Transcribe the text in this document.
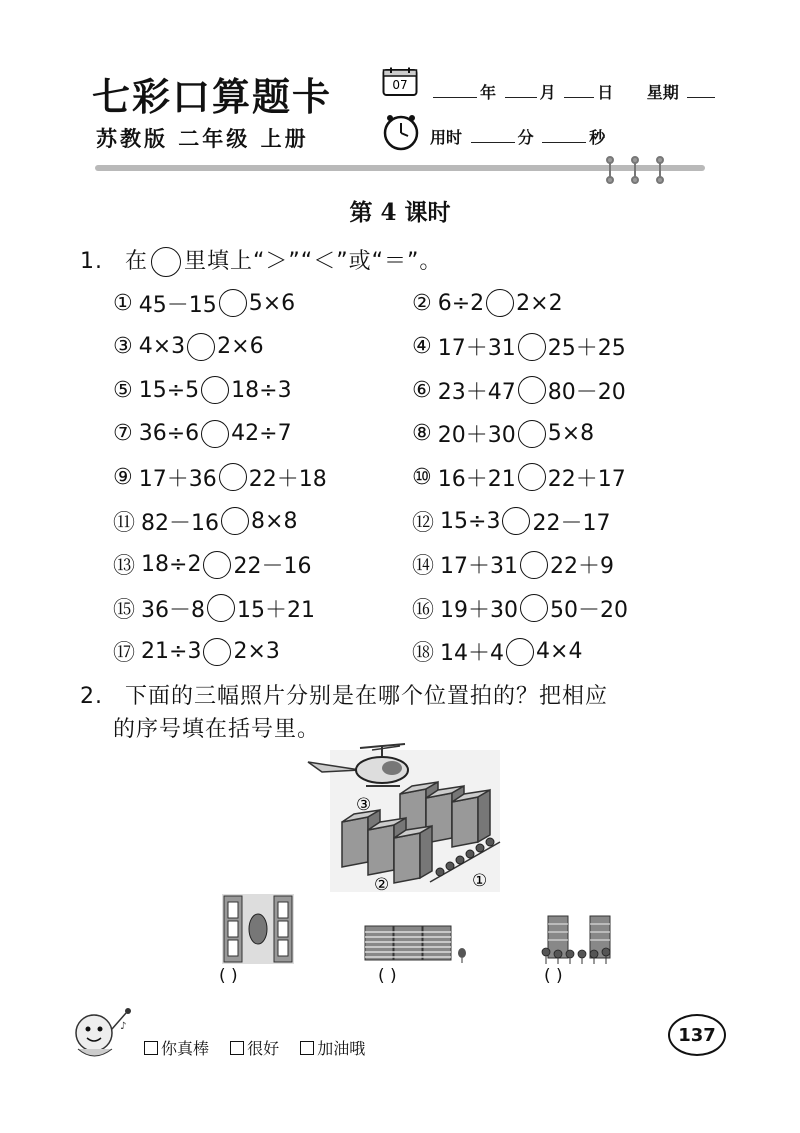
七彩口算题卡
苏教版 二年级 上册
07	年	月	日 星期
用时	分	秒
第 4 课时
1. 在 里填上“＞”“＜”或“＝”。
① 45－15 5×6	② 6÷2 2×2
③ 4×3 2×6	④ 17＋31 25＋25
⑤ 15÷5 18÷3	⑥ 23＋47 80－20
⑦ 36÷6 42÷7	⑧ 20＋30 5×8
⑨ 17＋36 22＋18	⑩ 16＋21 22＋17
⑪ 82－16 8×8	⑫ 15÷3 22－17
⑬ 18÷2 22－16	⑭ 17＋31 22＋9
⑮ 36－8 15＋21	⑯ 19＋30 50－20
⑰ 21÷3 2×3	⑱ 14＋4 4×4
2. 下面的三幅照片分别是在哪个位置拍的？把相应
的序号填在括号里。
③
②	①
( )	( )	( )
♪
你真棒 很好 加油哦
137
